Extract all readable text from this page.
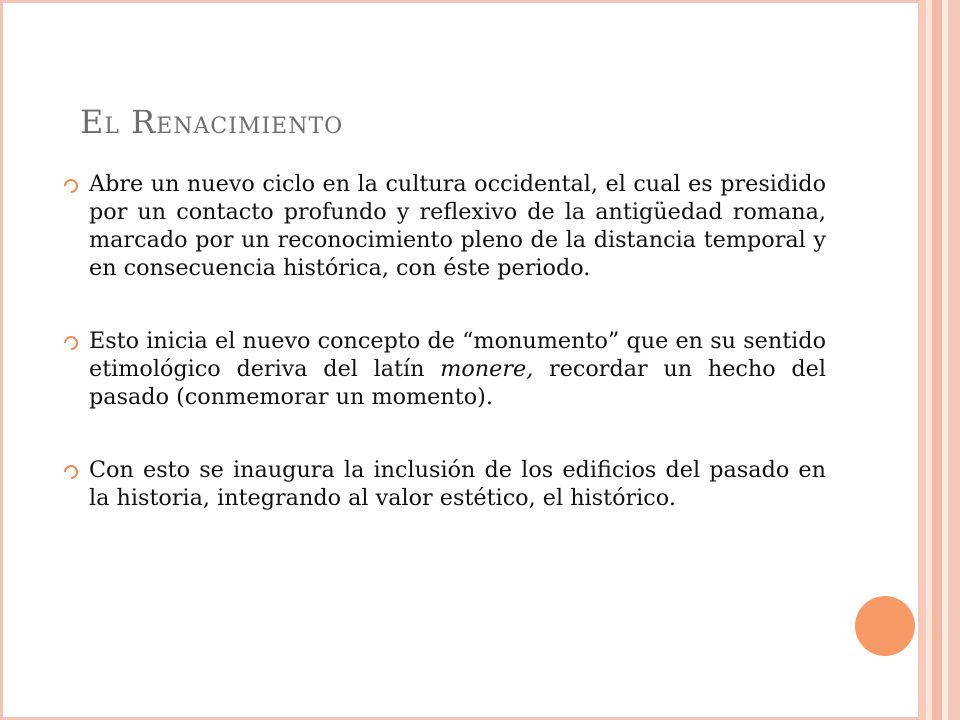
El Renacimiento

Abre un nuevo ciclo en la cultura occidental, el cual es presidido por un contacto profundo y reflexivo de la antigüedad romana, marcado por un reconocimiento pleno de la distancia temporal y en consecuencia histórica, con éste periodo.

Esto inicia el nuevo concepto de “monumento” que en su sentido etimológico deriva del latín monere, recordar un hecho del pasado (conmemorar un momento).

Con esto se inaugura la inclusión de los edificios del pasado en la historia, integrando al valor estético, el histórico.
